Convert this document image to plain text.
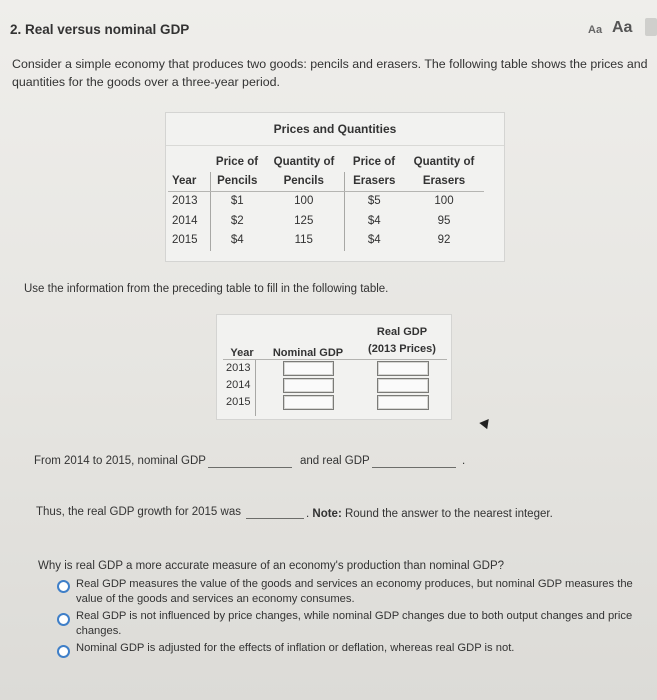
2. Real versus nominal GDP	Aa Aa
Consider a simple economy that produces two goods: pencils and erasers. The following table shows the prices and quantities for the goods over a three-year period.
Prices and Quantities
	Price of	Quantity of	Price of	Quantity of
Year	Pencils	Pencils	Erasers	Erasers
2013	$1	100	$5	100
2014	$2	125	$4	95
2015	$4	115	$4	92
Use the information from the preceding table to fill in the following table.
Year	Nominal GDP
Real GDP
(2013 Prices)
2013
2014
2015
From 2014 to 2015, nominal GDP	and real GDP	.
Thus, the real GDP growth for 2015 was	. Note: Round the answer to the nearest integer.
Why is real GDP a more accurate measure of an economy's production than nominal GDP?
Real GDP measures the value of the goods and services an economy produces, but nominal GDP measures the
value of the goods and services an economy consumes.
Real GDP is not influenced by price changes, while nominal GDP changes due to both output changes and price
changes.
Nominal GDP is adjusted for the effects of inflation or deflation, whereas real GDP is not.
